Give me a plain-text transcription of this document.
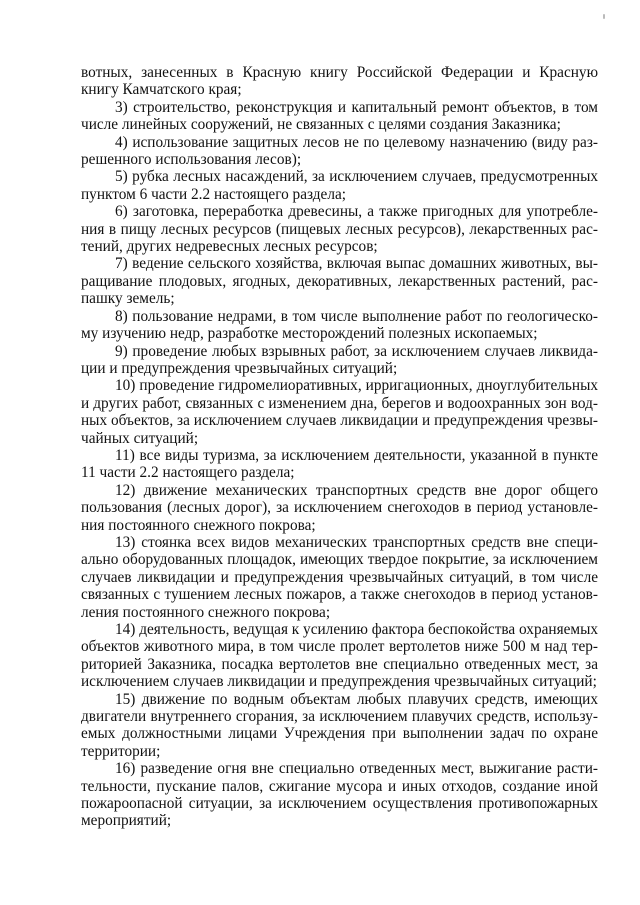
вотных, занесенных в Красную книгу Российской Федерации и Красную книгу Камчатского края;

3) строительство, реконструкция и капитальный ремонт объектов, в том числе линейных сооружений, не связанных с целями создания Заказника;

4) использование защитных лесов не по целевому назначению (виду разрешенного использования лесов);

5) рубка лесных насаждений, за исключением случаев, предусмотренных пунктом 6 части 2.2 настоящего раздела;

6) заготовка, переработка древесины, а также пригодных для употребления в пищу лесных ресурсов (пищевых лесных ресурсов), лекарственных растений, других недревесных лесных ресурсов;

7) ведение сельского хозяйства, включая выпас домашних животных, выращивание плодовых, ягодных, декоративных, лекарственных растений, распашку земель;

8) пользование недрами, в том числе выполнение работ по геологическому изучению недр, разработке месторождений полезных ископаемых;

9) проведение любых взрывных работ, за исключением случаев ликвидации и предупреждения чрезвычайных ситуаций;

10) проведение гидромелиоративных, ирригационных, дноуглубительных и других работ, связанных с изменением дна, берегов и водоохранных зон водных объектов, за исключением случаев ликвидации и предупреждения чрезвычайных ситуаций;

11) все виды туризма, за исключением деятельности, указанной в пункте 11 части 2.2 настоящего раздела;

12) движение механических транспортных средств вне дорог общего пользования (лесных дорог), за исключением снегоходов в период установления постоянного снежного покрова;

13) стоянка всех видов механических транспортных средств вне специально оборудованных площадок, имеющих твердое покрытие, за исключением случаев ликвидации и предупреждения чрезвычайных ситуаций, в том числе связанных с тушением лесных пожаров, а также снегоходов в период установления постоянного снежного покрова;

14) деятельность, ведущая к усилению фактора беспокойства охраняемых объектов животного мира, в том числе пролет вертолетов ниже 500 м над территорией Заказника, посадка вертолетов вне специально отведенных мест, за исключением случаев ликвидации и предупреждения чрезвычайных ситуаций;

15) движение по водным объектам любых плавучих средств, имеющих двигатели внутреннего сгорания, за исключением плавучих средств, используемых должностными лицами Учреждения при выполнении задач по охране территории;

16) разведение огня вне специально отведенных мест, выжигание растительности, пускание палов, сжигание мусора и иных отходов, создание иной пожароопасной ситуации, за исключением осуществления противопожарных мероприятий;
